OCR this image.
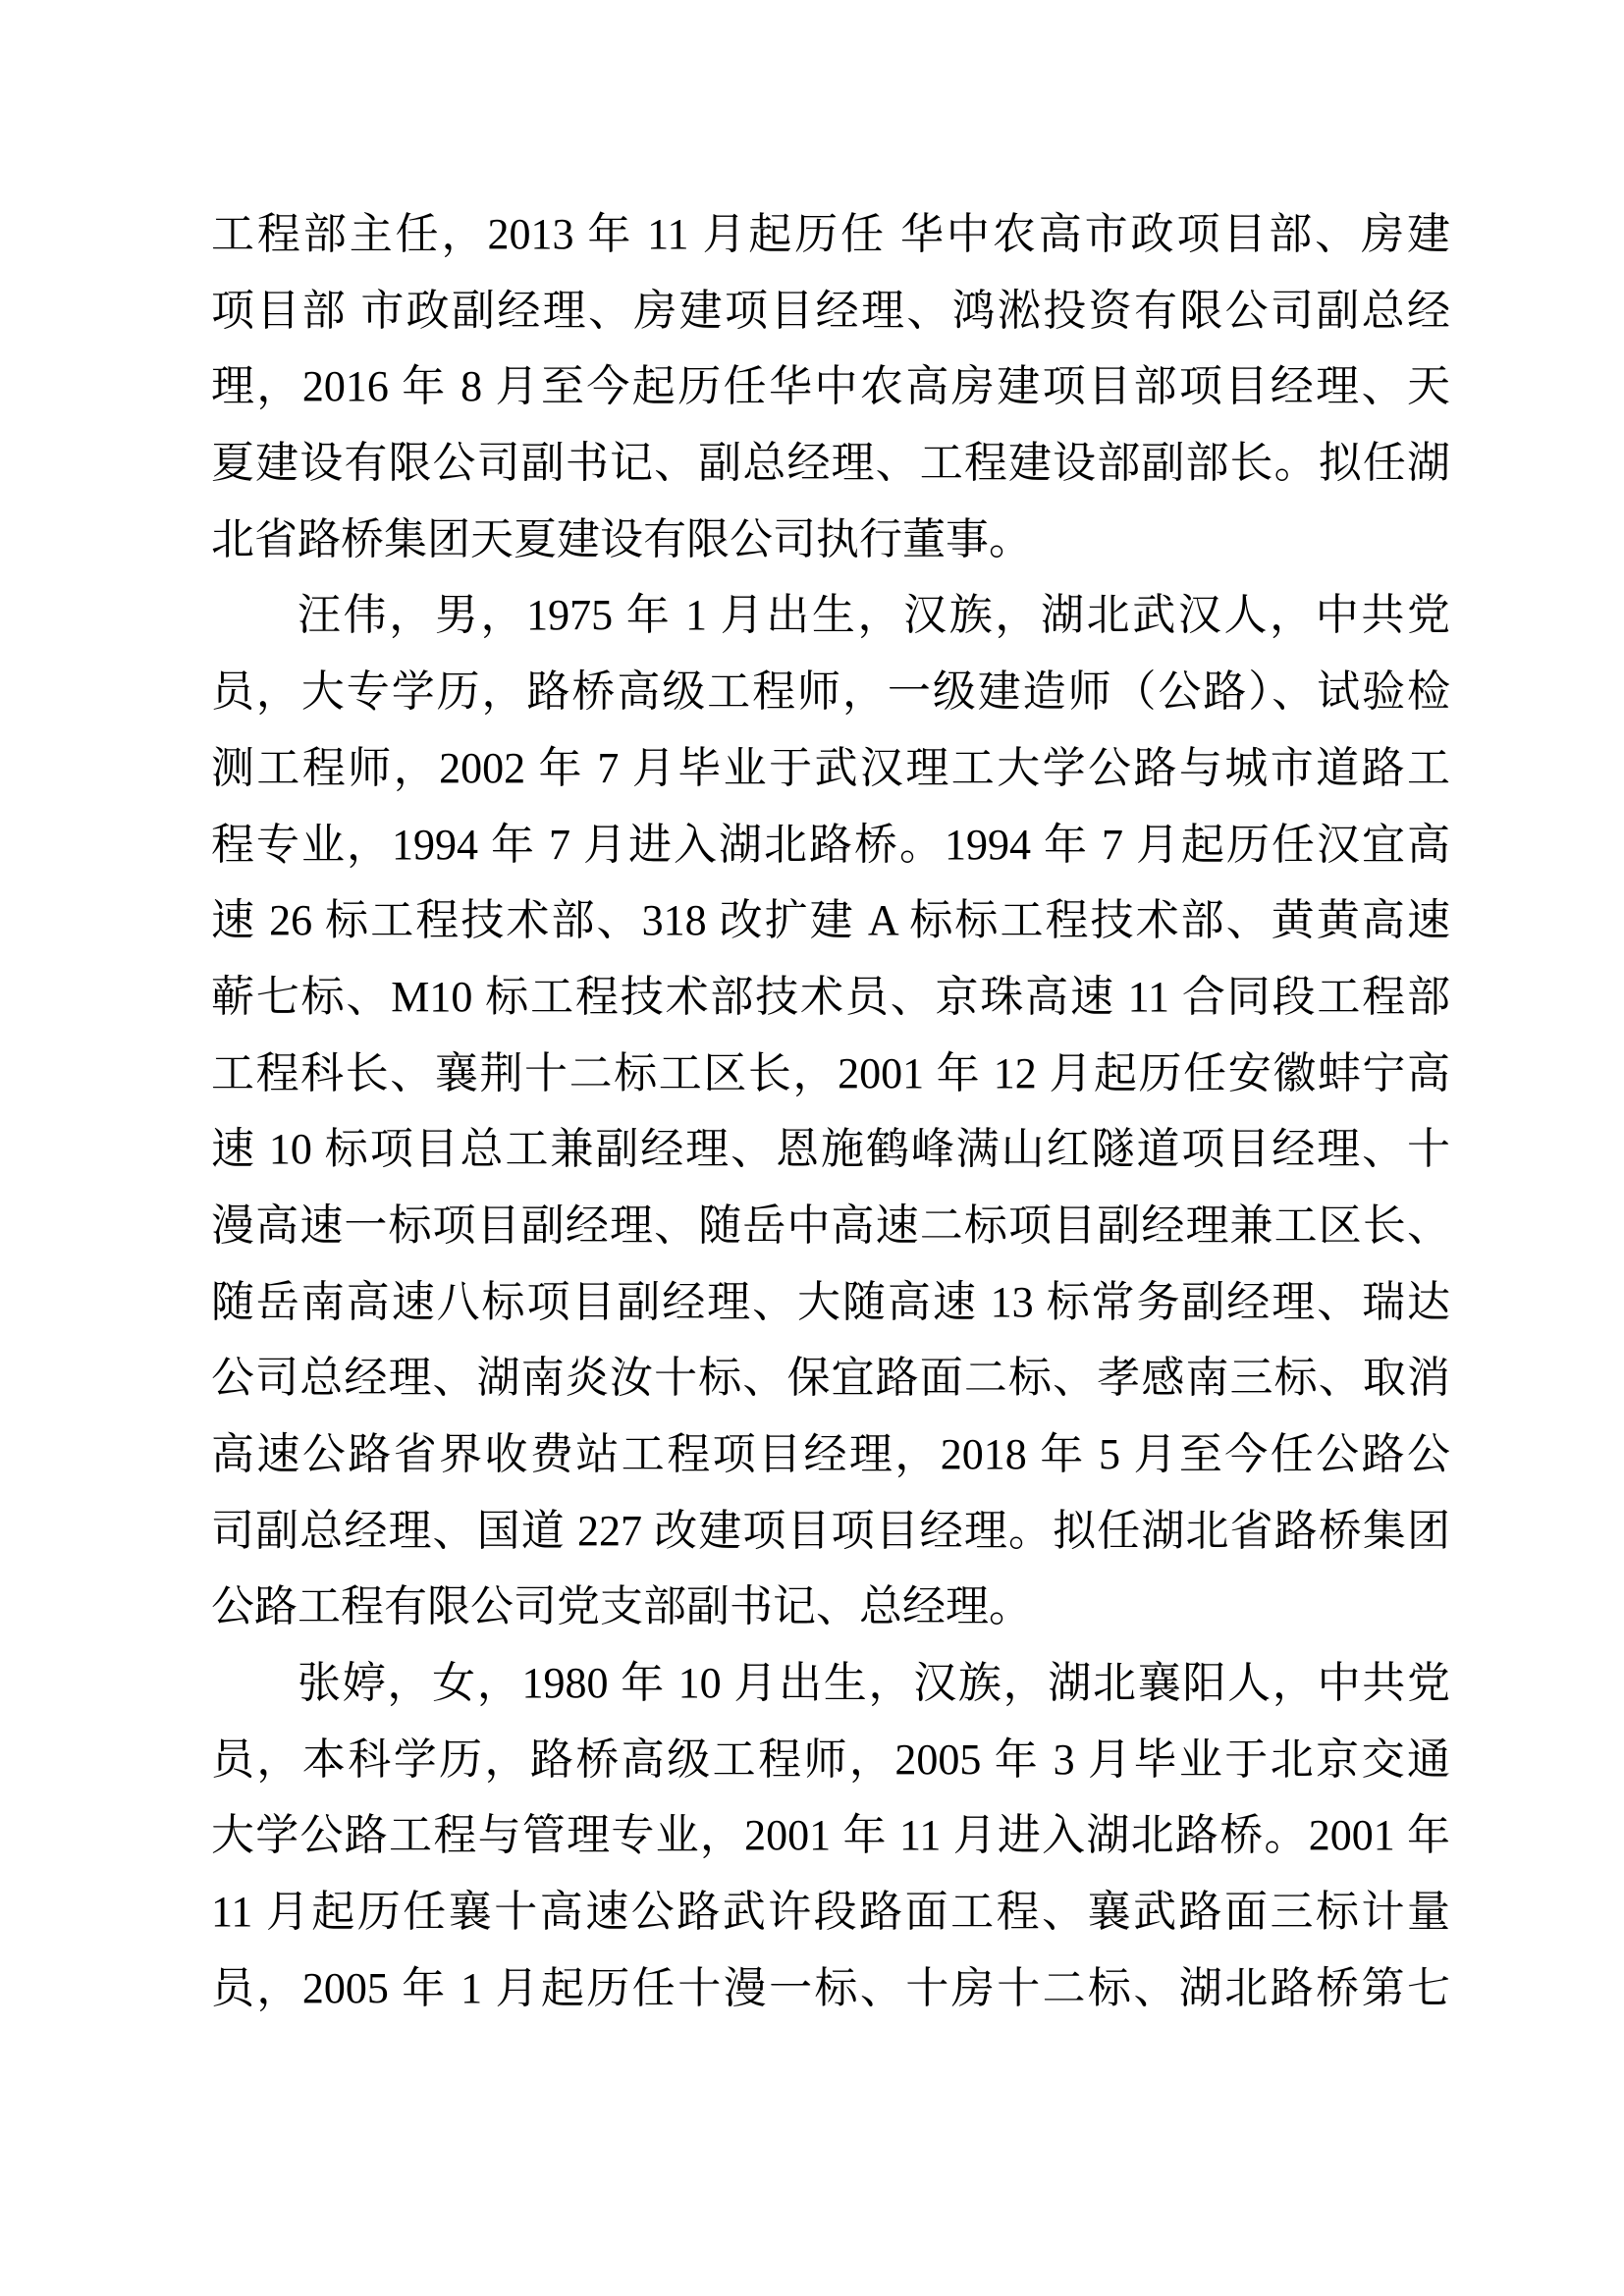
工程部主任，2013 年 11 月起历任 华中农高市政项目部、房建
项目部 市政副经理、房建项目经理、鸿淞投资有限公司副总经
理，2016 年 8 月至今起历任华中农高房建项目部项目经理、天
夏建设有限公司副书记、副总经理、工程建设部副部长。拟任湖
北省路桥集团天夏建设有限公司执行董事。
汪伟，男，1975 年 1 月出生，汉族，湖北武汉人，中共党
员，大专学历，路桥高级工程师，一级建造师（公路）、试验检
测工程师，2002 年 7 月毕业于武汉理工大学公路与城市道路工
程专业，1994 年 7 月进入湖北路桥。1994 年 7 月起历任汉宜高
速 26 标工程技术部、318 改扩建 A 标标工程技术部、黄黄高速
蕲七标、M10 标工程技术部技术员、京珠高速 11 合同段工程部
工程科长、襄荆十二标工区长，2001 年 12 月起历任安徽蚌宁高
速 10 标项目总工兼副经理、恩施鹤峰满山红隧道项目经理、十
漫高速一标项目副经理、随岳中高速二标项目副经理兼工区长、
随岳南高速八标项目副经理、大随高速 13 标常务副经理、瑞达
公司总经理、湖南炎汝十标、保宜路面二标、孝感南三标、取消
高速公路省界收费站工程项目经理，2018 年 5 月至今任公路公
司副总经理、国道 227 改建项目项目经理。拟任湖北省路桥集团
公路工程有限公司党支部副书记、总经理。
张婷，女，1980 年 10 月出生，汉族，湖北襄阳人，中共党
员，本科学历，路桥高级工程师，2005 年 3 月毕业于北京交通
大学公路工程与管理专业，2001 年 11 月进入湖北路桥。2001 年
11 月起历任襄十高速公路武许段路面工程、襄武路面三标计量
员，2005 年 1 月起历任十漫一标、十房十二标、湖北路桥第七
